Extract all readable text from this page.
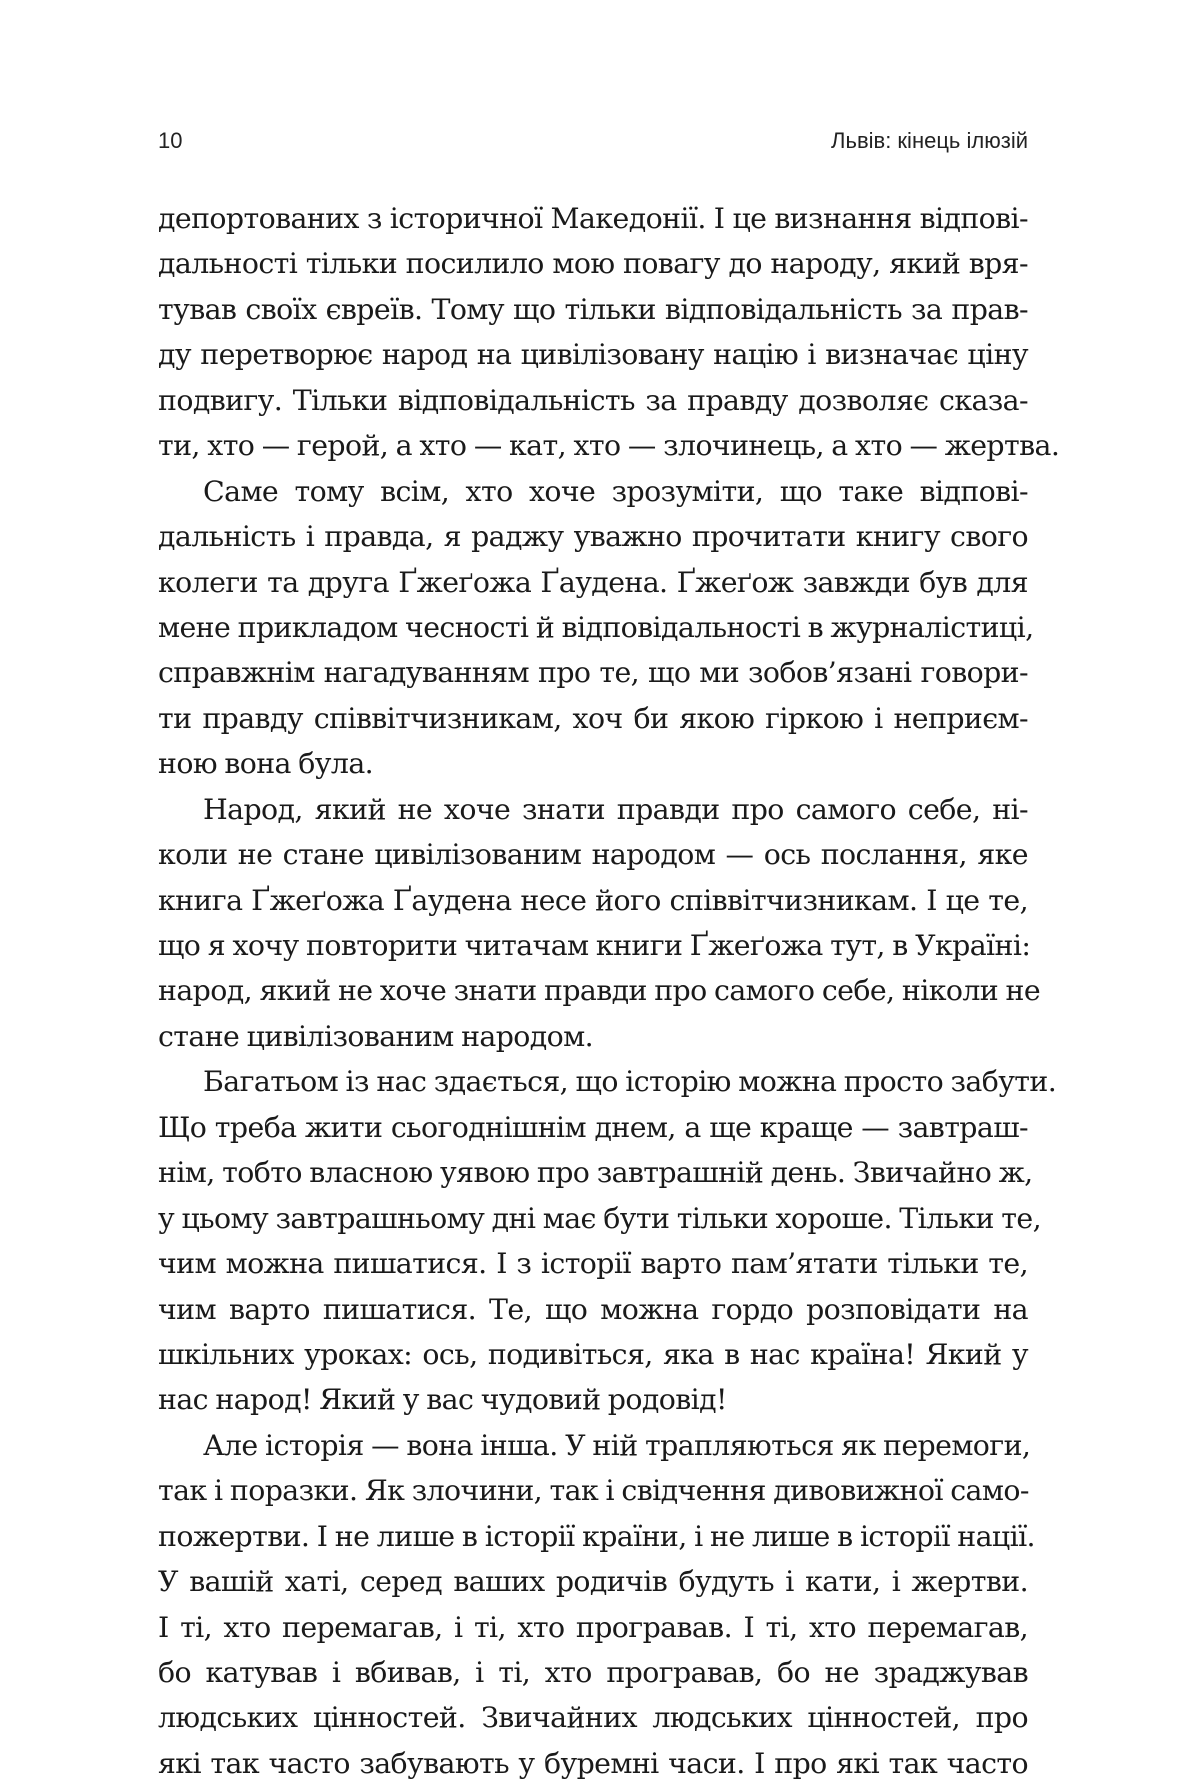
10	Львів: кінець ілюзій
депортованих з історичної Македонії. І це визнання відпові-
дальності тільки посилило мою повагу до народу, який вря-
тував своїх євреїв. Тому що тільки відповідальність за прав-
ду перетворює народ на цивілізовану націю і визначає ціну
подвигу. Тільки відповідальність за правду дозволяє сказа-
ти, хто — герой, а хто — кат, хто — злочинець, а хто — жертва.
Саме тому всім, хто хоче зрозуміти, що таке відпові-
дальність і правда, я раджу уважно прочитати книгу свого
колеги та друга Ґжеґожа Ґаудена. Ґжеґож завжди був для
мене прикладом чесності й відповідальності в журналістиці,
справжнім нагадуванням про те, що ми зобов’язані говори-
ти правду співвітчизникам, хоч би якою гіркою і неприєм-
ною вона була.
Народ, який не хоче знати правди про самого себе, ні-
коли не стане цивілізованим народом — ось послання, яке
книга Ґжеґожа Ґаудена несе його співвітчизникам. І це те,
що я хочу повторити читачам книги Ґжеґожа тут, в Україні:
народ, який не хоче знати правди про самого себе, ніколи не
стане цивілізованим народом.
Багатьом із нас здається, що історію можна просто забути.
Що треба жити сьогоднішнім днем, а ще краще — завтраш-
нім, тобто власною уявою про завтрашній день. Звичайно ж,
у цьому завтрашньому дні має бути тільки хороше. Тільки те,
чим можна пишатися. І з історії варто пам’ятати тільки те,
чим варто пишатися. Те, що можна гордо розповідати на
шкільних уроках: ось, подивіться, яка в нас країна! Який у
нас народ! Який у вас чудовий родовід!
Але історія — вона інша. У ній трапляються як перемоги,
так і поразки. Як злочини, так і свідчення дивовижної само-
пожертви. І не лише в історії країни, і не лише в історії нації.
У вашій хаті, серед ваших родичів будуть і кати, і жертви.
І ті, хто перемагав, і ті, хто програвав. І ті, хто перемагав,
бо катував і вбивав, і ті, хто програвав, бо не зраджував
людських цінностей. Звичайних людських цінностей, про
які так часто забувають у буремні часи. І про які так часто
